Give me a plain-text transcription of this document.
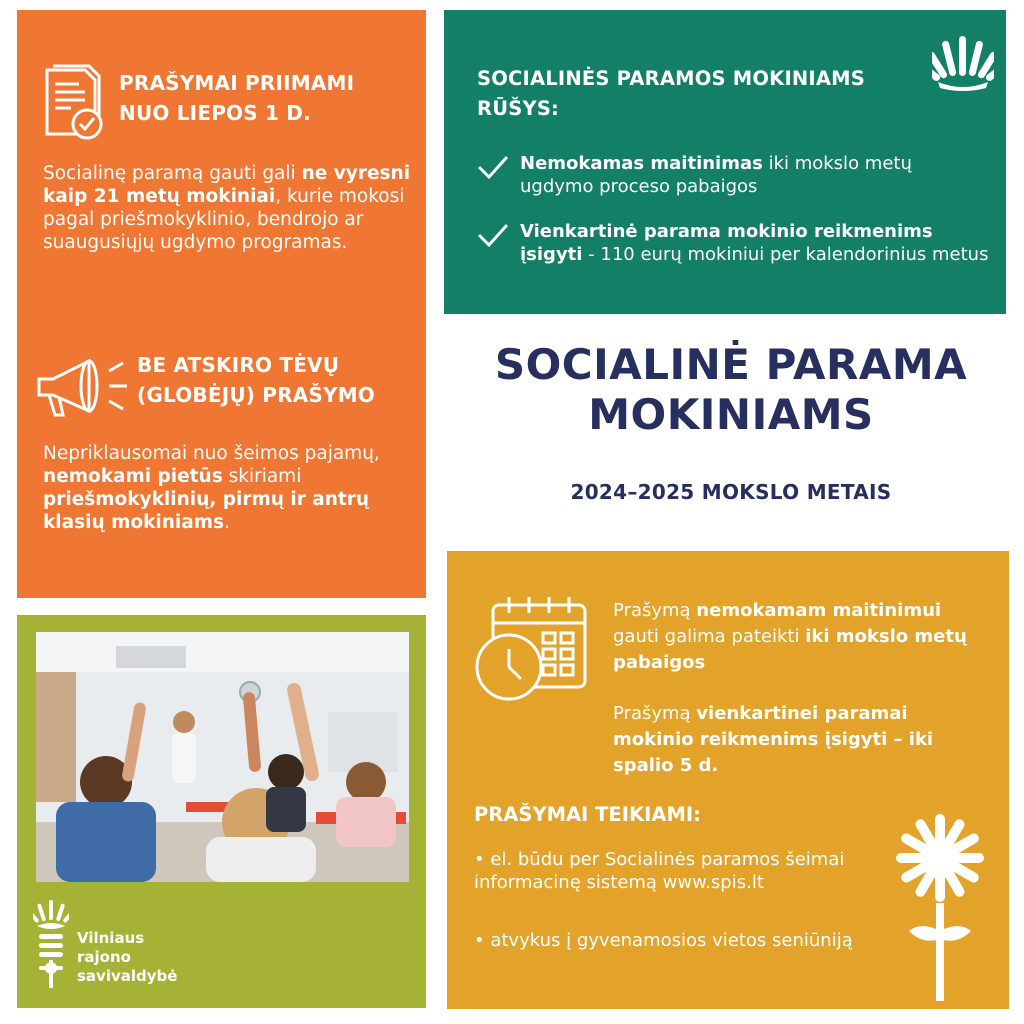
PRAŠYMAI PRIIMAMI NUO LIEPOS 1 D.

Socialinę paramą gauti gali ne vyresni kaip 21 metų mokiniai, kurie mokosi pagal priešmokyklinio, bendrojo ar suaugusiųjų ugdymo programas.

BE ATSKIRO TĖVŲ (GLOBĖJŲ) PRAŠYMO

Nepriklausomai nuo šeimos pajamų, nemokami pietūs skiriami priešmokyklinių, pirmų ir antrų klasių mokiniams.

SOCIALINĖS PARAMOS MOKINIAMS RŪŠYS:

Nemokamas maitinimas iki mokslo metų ugdymo proceso pabaigos

Vienkartinė parama mokinio reikmenims įsigyti - 110 eurų mokiniui per kalendorinius metus

SOCIALINĖ PARAMA MOKINIAMS
2024–2025 MOKSLO METAIS
Vilniaus
rajono
savivaldybė

Prašymą nemokamam maitinimui gauti galima pateikti iki mokslo metų pabaigos

Prašymą vienkartinei paramai mokinio reikmenims įsigyti – iki spalio 5 d.

PRAŠYMAI TEIKIAMI:

• el. būdu per Socialinės paramos šeimai informacinę sistemą www.spis.lt

• atvykus į gyvenamosios vietos seniūniją
